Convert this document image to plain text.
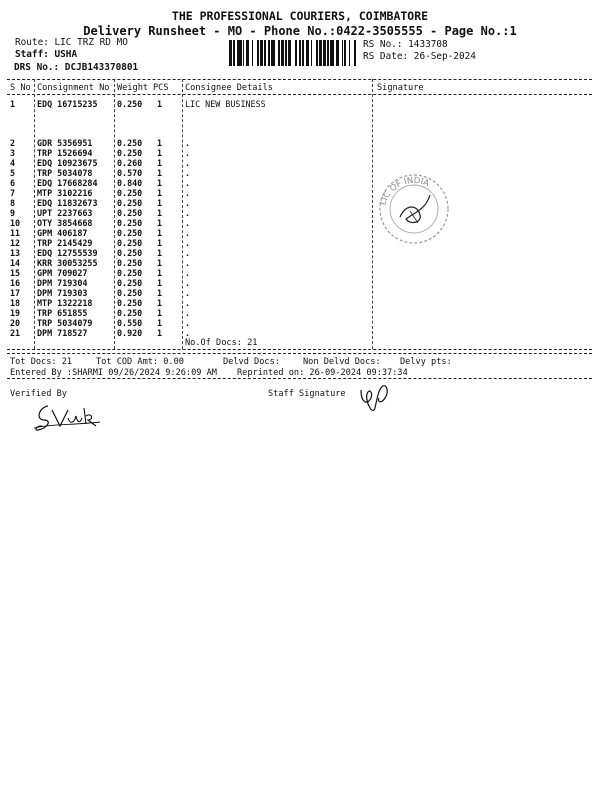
THE PROFESSIONAL COURIERS, COIMBATORE
Delivery Runsheet - MO - Phone No.:0422-3505555 - Page No.:1
Route: LIC TRZ RD MO
Staff: USHA
DRS No.: DCJB143370801
RS No.: 1433708
RS Date: 26-Sep-2024
S No Consignment No Weight PCS Consignee Details	Signature
1	EDQ 16715235 0.250 1	LIC NEW BUSINESS
2	GDR 5356951	0.250 1	.
3	TRP 1526694	0.250 1	.
4	EDQ 10923675 0.260 1	.
5	TRP 5034078	0.570 1	.
6	EDQ 17668284 0.840 1	.
7	MTP 3102216	0.250 1	.
8	EDQ 11832673 0.250 1	.
9	UPT 2237663	0.250 1	.
10 OTY 3854668	0.250 1	.
11 GPM 406187	0.250 1	.
12 TRP 2145429	0.250 1	.
13 EDQ 12755539 0.250 1	.
14 KRR 30053255 0.250 1	.
15 GPM 709027	0.250 1	.
16 DPM 719304	0.250 1	.
17 DPM 719303	0.250 1	.
18 MTP 1322218	0.250 1	.
19 TRP 651855	0.250 1	.
20 TRP 5034079	0.550 1	.
21 DPM 718527	0.920 1	.
No.Of Docs: 21
LIC OF INDIA
Tot Docs: 21	Tot COD Amt: 0.00	Delvd Docs:	Non Delvd Docs: Delvy pts:
Entered By :SHARMI 09/26/2024 9:26:09 AM Reprinted on: 26-09-2024 09:37:34
Verified By	Staff Signature
